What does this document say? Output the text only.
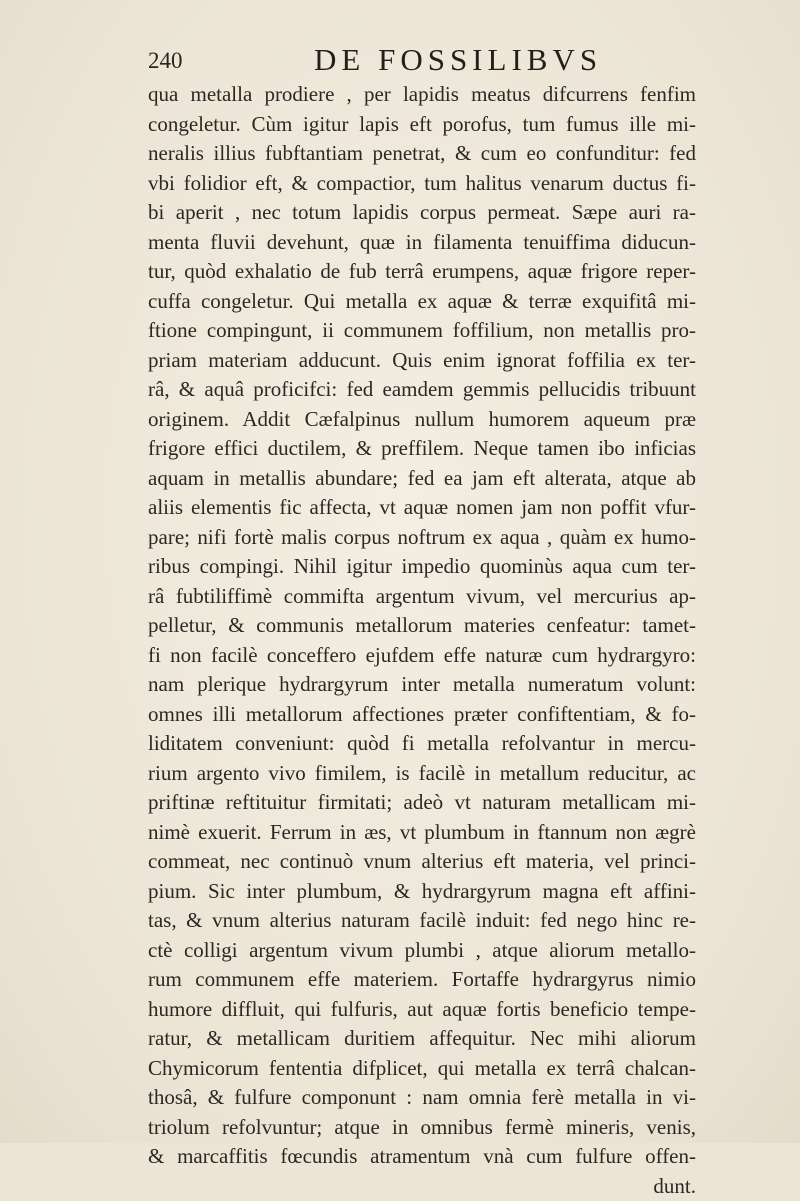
240	DE FOSSILIBVS
qua metalla prodiere , per lapidis meatus difcurrens fenfim
congeletur. Cùm igitur lapis eft porofus, tum fumus ille mi-
neralis illius fubftantiam penetrat, & cum eo confunditur: fed
vbi folidior eft, & compactior, tum halitus venarum ductus fi-
bi aperit , nec totum lapidis corpus permeat. Sæpe auri ra-
menta fluvii devehunt, quæ in filamenta tenuiffima diducun-
tur, quòd exhalatio de fub terrâ erumpens, aquæ frigore reper-
cuffa congeletur. Qui metalla ex aquæ & terræ exquifitâ mi-
ftione compingunt, ii communem foffilium, non metallis pro-
priam materiam adducunt. Quis enim ignorat foffilia ex ter-
râ, & aquâ proficifci: fed eamdem gemmis pellucidis tribuunt
originem. Addit Cæfalpinus nullum humorem aqueum præ
frigore effici ductilem, & preffilem. Neque tamen ibo inficias
aquam in metallis abundare; fed ea jam eft alterata, atque ab
aliis elementis fic affecta, vt aquæ nomen jam non poffit vfur-
pare; nifi fortè malis corpus noftrum ex aqua , quàm ex humo-
ribus compingi. Nihil igitur impedio quominùs aqua cum ter-
râ fubtiliffimè commifta argentum vivum, vel mercurius ap-
pelletur, & communis metallorum materies cenfeatur: tamet-
fi non facilè conceffero ejufdem effe naturæ cum hydrargyro:
nam plerique hydrargyrum inter metalla numeratum volunt:
omnes illi metallorum affectiones præter confiftentiam, & fo-
liditatem conveniunt: quòd fi metalla refolvantur in mercu-
rium argento vivo fimilem, is facilè in metallum reducitur, ac
priftinæ reftituitur firmitati; adeò vt naturam metallicam mi-
nimè exuerit. Ferrum in æs, vt plumbum in ftannum non ægrè
commeat, nec continuò vnum alterius eft materia, vel princi-
pium. Sic inter plumbum, & hydrargyrum magna eft affini-
tas, & vnum alterius naturam facilè induit: fed nego hinc re-
ctè colligi argentum vivum plumbi , atque aliorum metallo-
rum communem effe materiem. Fortaffe hydrargyrus nimio
humore diffluit, qui fulfuris, aut aquæ fortis beneficio tempe-
ratur, & metallicam duritiem affequitur. Nec mihi aliorum
Chymicorum fententia difplicet, qui metalla ex terrâ chalcan-
thosâ, & fulfure componunt : nam omnia ferè metalla in vi-
triolum refolvuntur; atque in omnibus fermè mineris, venis,
& marcaffitis fœcundis atramentum vnà cum fulfure offen-
dunt.
